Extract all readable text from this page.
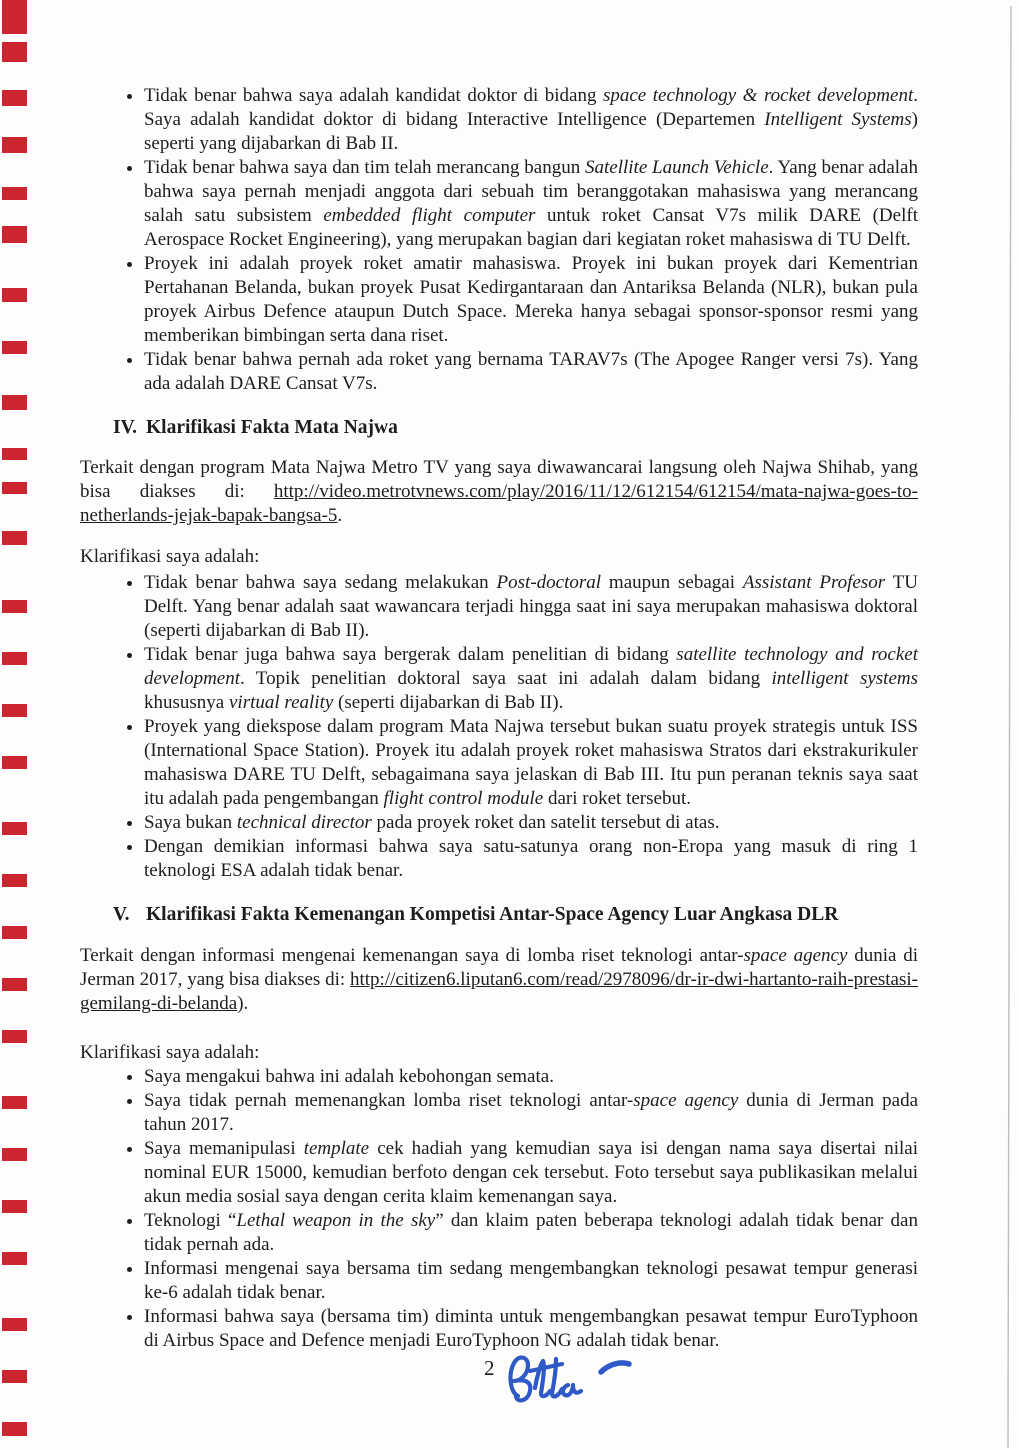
• Tidak benar bahwa saya adalah kandidat doktor di bidang space technology & rocket development. Saya adalah kandidat doktor di bidang Interactive Intelligence (Departemen Intelligent Systems) seperti yang dijabarkan di Bab II.
• Tidak benar bahwa saya dan tim telah merancang bangun Satellite Launch Vehicle. Yang benar adalah bahwa saya pernah menjadi anggota dari sebuah tim beranggotakan mahasiswa yang merancang salah satu subsistem embedded flight computer untuk roket Cansat V7s milik DARE (Delft Aerospace Rocket Engineering), yang merupakan bagian dari kegiatan roket mahasiswa di TU Delft.
• Proyek ini adalah proyek roket amatir mahasiswa. Proyek ini bukan proyek dari Kementrian Pertahanan Belanda, bukan proyek Pusat Kedirgantaraan dan Antariksa Belanda (NLR), bukan pula proyek Airbus Defence ataupun Dutch Space. Mereka hanya sebagai sponsor-sponsor resmi yang memberikan bimbingan serta dana riset.
• Tidak benar bahwa pernah ada roket yang bernama TARAV7s (The Apogee Ranger versi 7s). Yang ada adalah DARE Cansat V7s.
IV. Klarifikasi Fakta Mata Najwa

Terkait dengan program Mata Najwa Metro TV yang saya diwawancarai langsung oleh Najwa Shihab, yang bisa diakses di: http://video.metrotvnews.com/play/2016/11/12/612154/612154/mata-najwa-goes-to-netherlands-jejak-bapak-bangsa-5.

Klarifikasi saya adalah:

• Tidak benar bahwa saya sedang melakukan Post-doctoral maupun sebagai Assistant Profesor TU Delft. Yang benar adalah saat wawancara terjadi hingga saat ini saya merupakan mahasiswa doktoral (seperti dijabarkan di Bab II).
• Tidak benar juga bahwa saya bergerak dalam penelitian di bidang satellite technology and rocket development. Topik penelitian doktoral saya saat ini adalah dalam bidang intelligent systems khususnya virtual reality (seperti dijabarkan di Bab II).
• Proyek yang diekspose dalam program Mata Najwa tersebut bukan suatu proyek strategis untuk ISS (International Space Station). Proyek itu adalah proyek roket mahasiswa Stratos dari ekstrakurikuler mahasiswa DARE TU Delft, sebagaimana saya jelaskan di Bab III. Itu pun peranan teknis saya saat itu adalah pada pengembangan flight control module dari roket tersebut.
• Saya bukan technical director pada proyek roket dan satelit tersebut di atas.
• Dengan demikian informasi bahwa saya satu-satunya orang non-Eropa yang masuk di ring 1 teknologi ESA adalah tidak benar.
V. Klarifikasi Fakta Kemenangan Kompetisi Antar-Space Agency Luar Angkasa DLR

Terkait dengan informasi mengenai kemenangan saya di lomba riset teknologi antar-space agency dunia di Jerman 2017, yang bisa diakses di: http://citizen6.liputan6.com/read/2978096/dr-ir-dwi-hartanto-raih-prestasi-gemilang-di-belanda).

Klarifikasi saya adalah:

• Saya mengakui bahwa ini adalah kebohongan semata.
• Saya tidak pernah memenangkan lomba riset teknologi antar-space agency dunia di Jerman pada tahun 2017.
• Saya memanipulasi template cek hadiah yang kemudian saya isi dengan nama saya disertai nilai nominal EUR 15000, kemudian berfoto dengan cek tersebut. Foto tersebut saya publikasikan melalui akun media sosial saya dengan cerita klaim kemenangan saya.
• Teknologi “Lethal weapon in the sky” dan klaim paten beberapa teknologi adalah tidak benar dan tidak pernah ada.
• Informasi mengenai saya bersama tim sedang mengembangkan teknologi pesawat tempur generasi ke-6 adalah tidak benar.
• Informasi bahwa saya (bersama tim) diminta untuk mengembangkan pesawat tempur EuroTyphoon di Airbus Space and Defence menjadi EuroTyphoon NG adalah tidak benar.
2
